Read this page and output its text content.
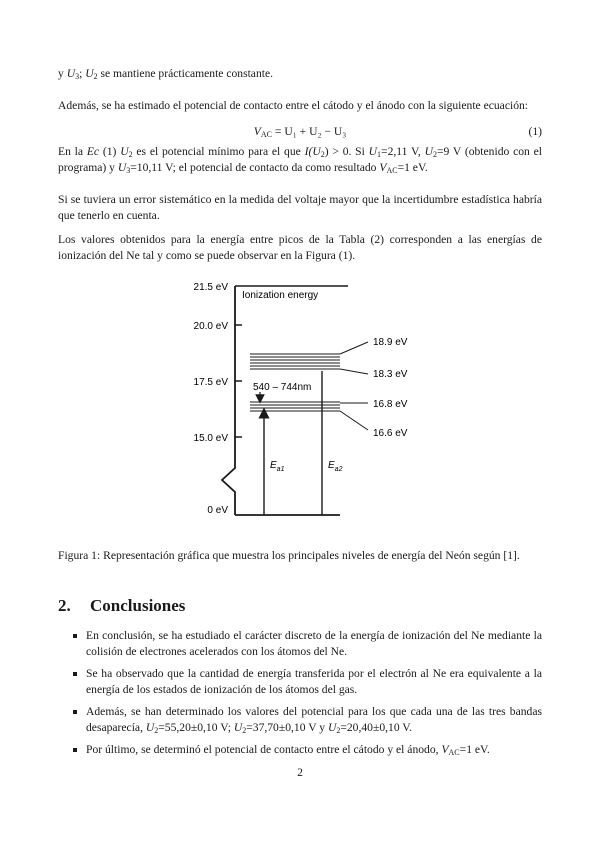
y $U_3$; $U_2$ se mantiene prácticamente constante.

Además, se ha estimado el potencial de contacto entre el cátodo y el ánodo con la siguiente ecuación:

$V_{AC} = U_1 + U_2 - U_3$	(1)

En la Ec (1) $U_2$ es el potencial mínimo para el que $I(U_2) > 0$. Si $U_1=2,11$ V, $U_2=9$ V (obtenido con el programa) y $U_3=10,11$ V; el potencial de contacto da como resultado $V_{AC}=1$ eV.

Si se tuviera un error sistemático en la medida del voltaje mayor que la incertidumbre estadística habría que tenerlo en cuenta.

Los valores obtenidos para la energía entre picos de la Tabla (2) corresponden a las energías de ionización del Ne tal y como se puede observar en la Figura (1).

21.5 eV
20.0 eV
17.5 eV
15.0 eV
0 eV
Ionization energy
540 – 744nm
$E_{a1}$	$E_{a2}$
18.9 eV
18.3 eV
16.8 eV
16.6 eV

Figura 1: Representación gráfica que muestra los principales niveles de energía del Neón según [1].

2. Conclusiones
En conclusión, se ha estudiado el carácter discreto de la energía de ionización del Ne mediante la colisión de electrones acelerados con los átomos del Ne.
Se ha observado que la cantidad de energía transferida por el electrón al Ne era equivalente a la energía de los estados de ionización de los átomos del gas.
Además, se han determinado los valores del potencial para los que cada una de las tres bandas desaparecía, $U_2=55,20\pm 0,10$ V; $U_2=37,70\pm 0,10$ V y $U_2=20,40\pm 0,10$ V.
Por último, se determinó el potencial de contacto entre el cátodo y el ánodo, $V_{AC}=1$ eV.
2
